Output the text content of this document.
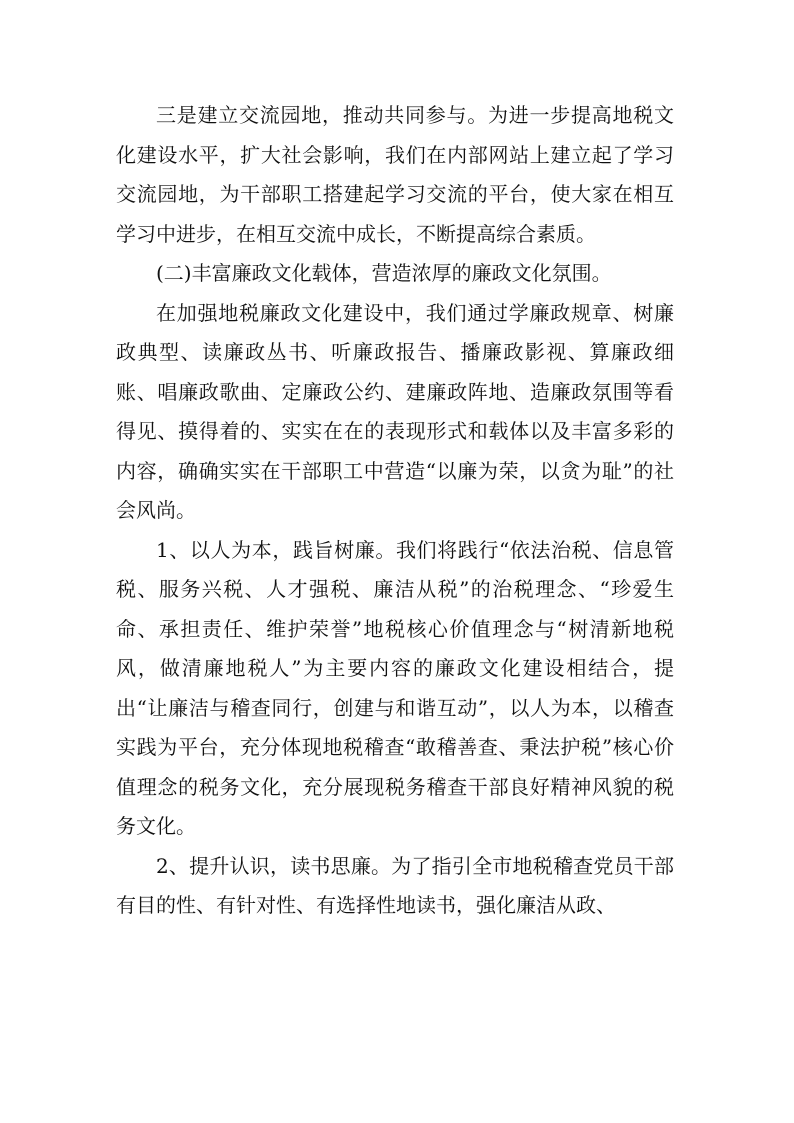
三是建立交流园地，推动共同参与。为进一步提高地税文化建设水平，扩大社会影响，我们在内部网站上建立起了学习交流园地，为干部职工搭建起学习交流的平台，使大家在相互学习中进步，在相互交流中成长，不断提高综合素质。

(二)丰富廉政文化载体，营造浓厚的廉政文化氛围。

在加强地税廉政文化建设中，我们通过学廉政规章、树廉政典型、读廉政丛书、听廉政报告、播廉政影视、算廉政细账、唱廉政歌曲、定廉政公约、建廉政阵地、造廉政氛围等看得见、摸得着的、实实在在的表现形式和载体以及丰富多彩的内容，确确实实在干部职工中营造“以廉为荣，以贪为耻”的社会风尚。

1、以人为本，践旨树廉。我们将践行“依法治税、信息管税、服务兴税、人才强税、廉洁从税”的治税理念、“珍爱生命、承担责任、维护荣誉”地税核心价值理念与“树清新地税风，做清廉地税人”为主要内容的廉政文化建设相结合，提出“让廉洁与稽查同行，创建与和谐互动”，以人为本，以稽查实践为平台，充分体现地税稽查“敢稽善查、秉法护税”核心价值理念的税务文化，充分展现税务稽查干部良好精神风貌的税务文化。

2、提升认识，读书思廉。为了指引全市地税稽查党员干部有目的性、有针对性、有选择性地读书，强化廉洁从政、
